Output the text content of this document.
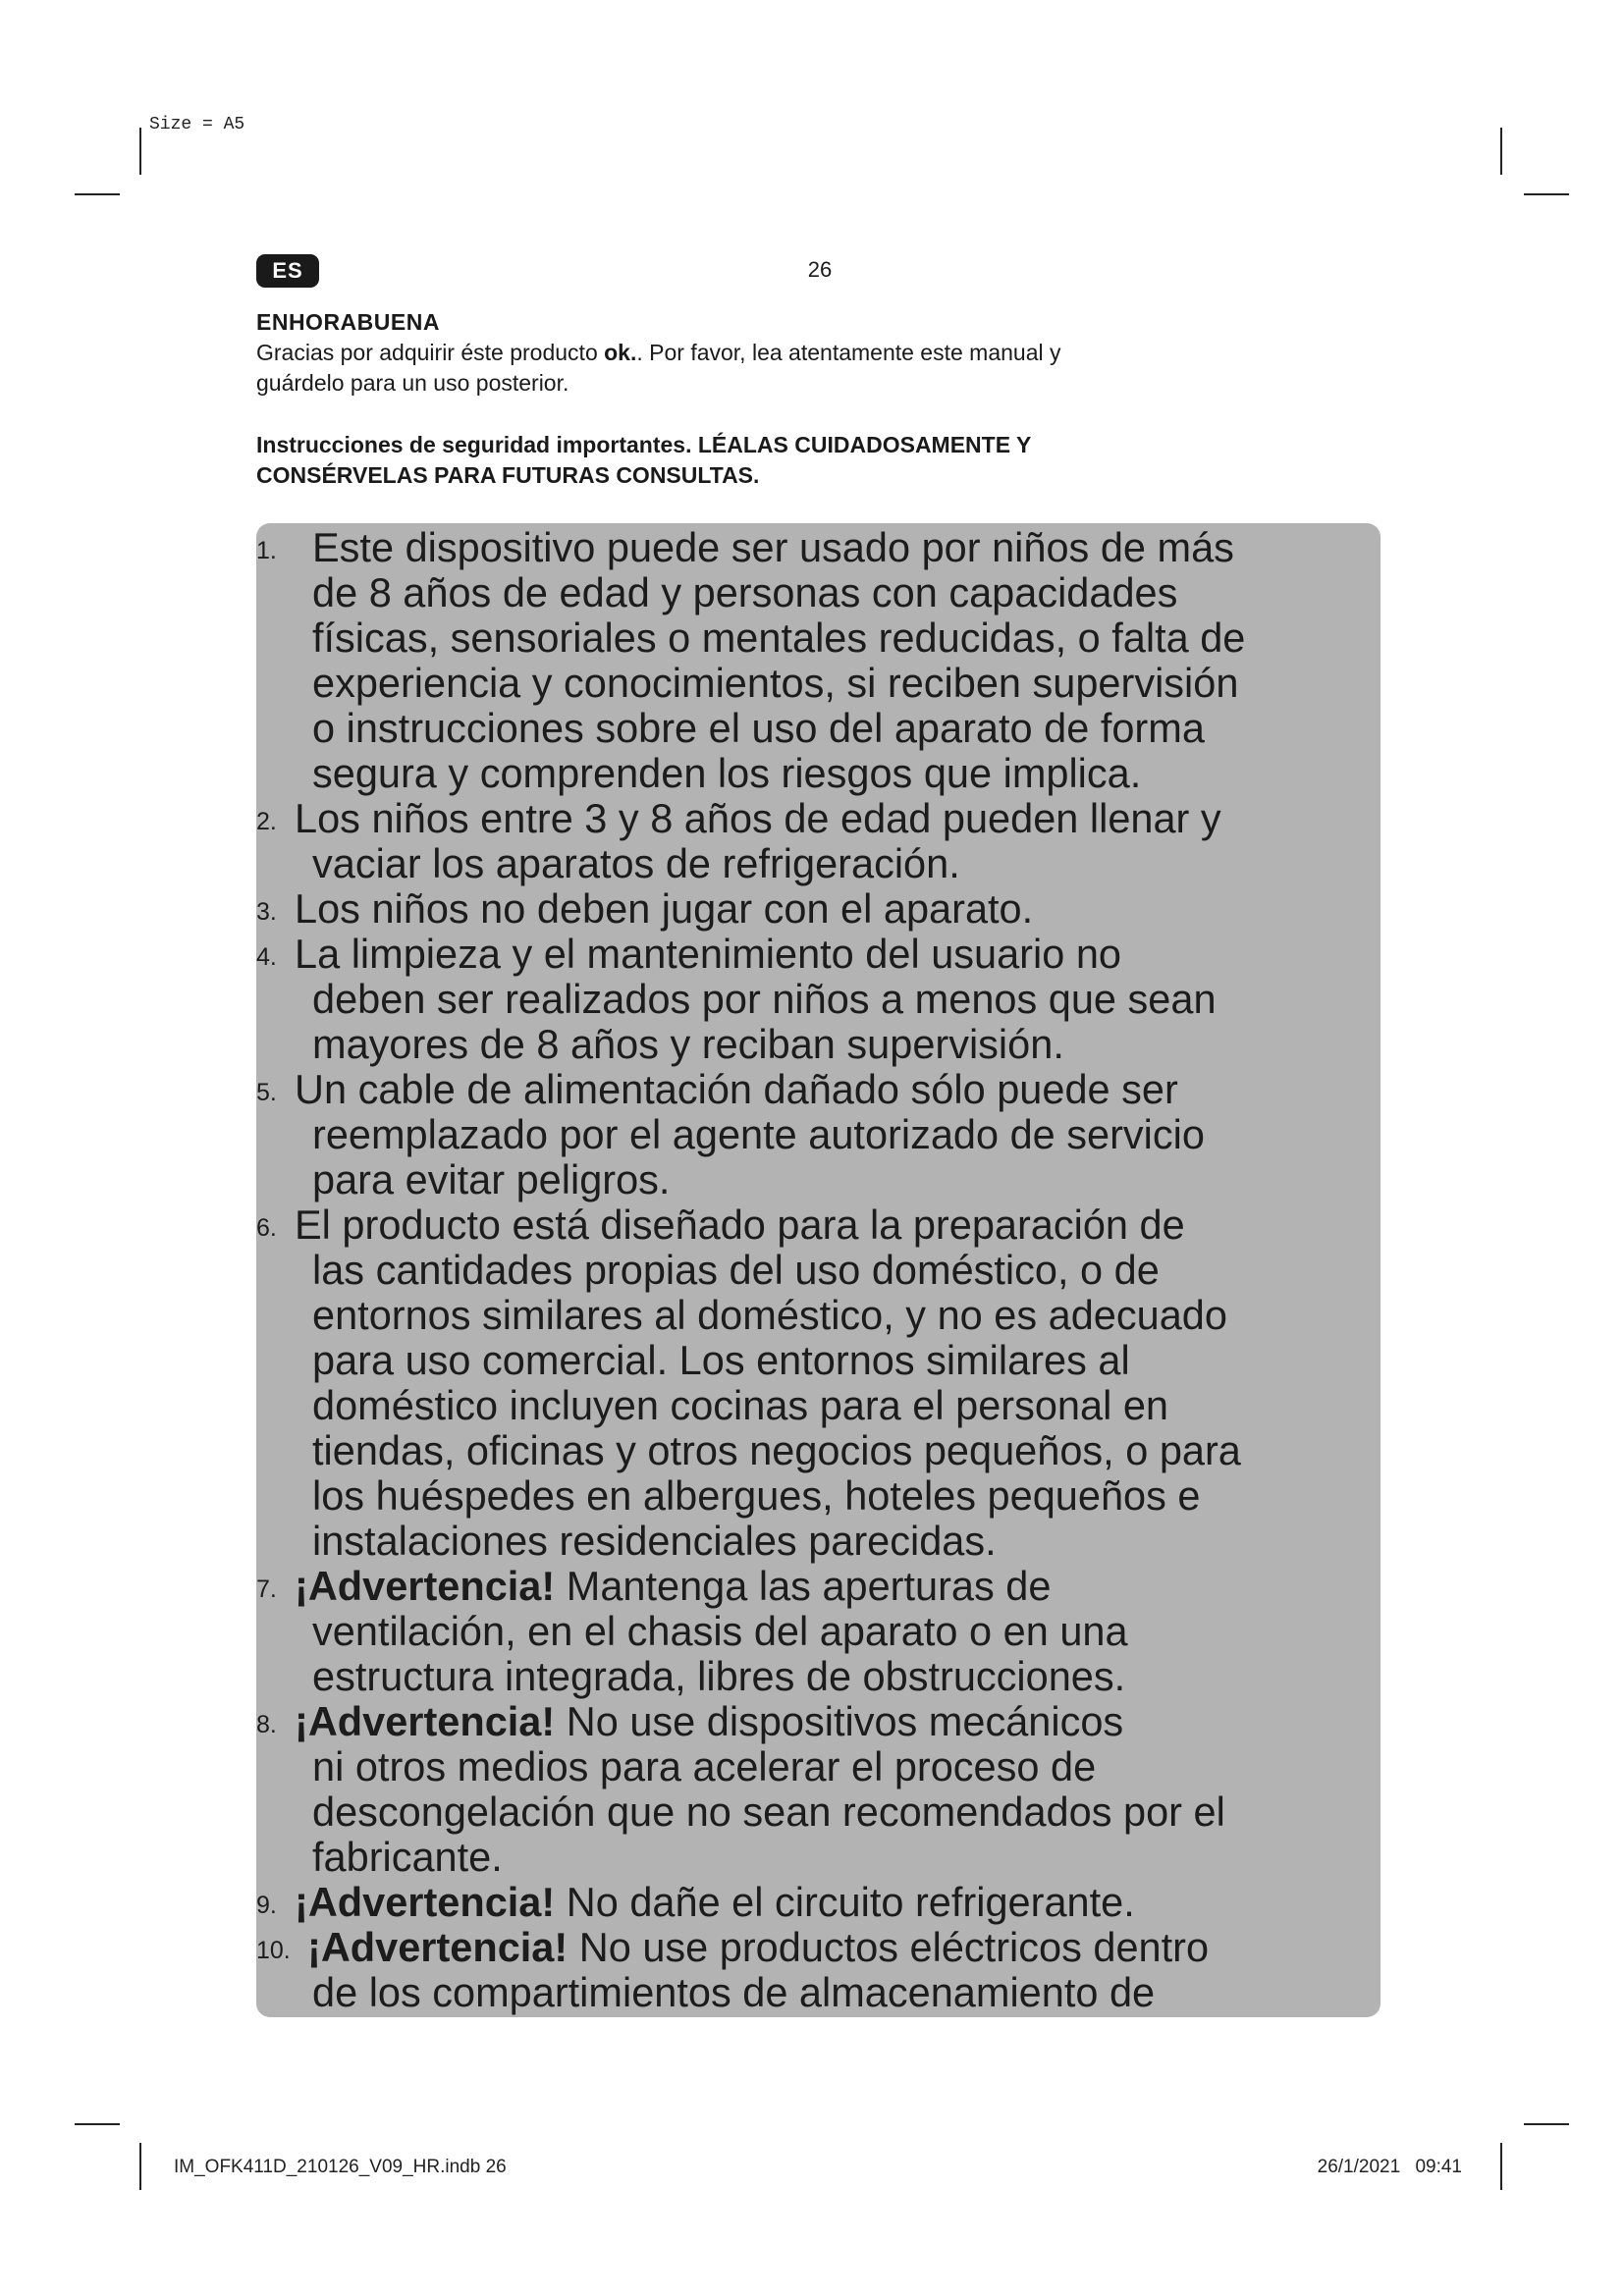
Size = A5
ES	26
ENHORABUENA

Gracias por adquirir éste producto ok.. Por favor, lea atentamente este manual y
guárdelo para un uso posterior.

Instrucciones de seguridad importantes. LÉALAS CUIDADOSAMENTE Y
CONSÉRVELAS PARA FUTURAS CONSULTAS.
1. Este dispositivo puede ser usado por niños de más
de 8 años de edad y personas con capacidades
físicas, sensoriales o mentales reducidas, o falta de
experiencia y conocimientos, si reciben supervisión
o instrucciones sobre el uso del aparato de forma
segura y comprenden los riesgos que implica.
2. Los niños entre 3 y 8 años de edad pueden llenar y
vaciar los aparatos de refrigeración.
3. Los niños no deben jugar con el aparato.
4. La limpieza y el mantenimiento del usuario no
deben ser realizados por niños a menos que sean
mayores de 8 años y reciban supervisión.
5. Un cable de alimentación dañado sólo puede ser
reemplazado por el agente autorizado de servicio
para evitar peligros.
6. El producto está diseñado para la preparación de
las cantidades propias del uso doméstico, o de
entornos similares al doméstico, y no es adecuado
para uso comercial. Los entornos similares al
doméstico incluyen cocinas para el personal en
tiendas, oficinas y otros negocios pequeños, o para
los huéspedes en albergues, hoteles pequeños e
instalaciones residenciales parecidas.
7. ¡Advertencia! Mantenga las aperturas de
ventilación, en el chasis del aparato o en una
estructura integrada, libres de obstrucciones.
8. ¡Advertencia! No use dispositivos mecánicos
ni otros medios para acelerar el proceso de
descongelación que no sean recomendados por el
fabricante.
9. ¡Advertencia! No dañe el circuito refrigerante.
10. ¡Advertencia! No use productos eléctricos dentro
de los compartimientos de almacenamiento de
IM_OFK411D_210126_V09_HR.indb 26	26/1/2021 09:41
